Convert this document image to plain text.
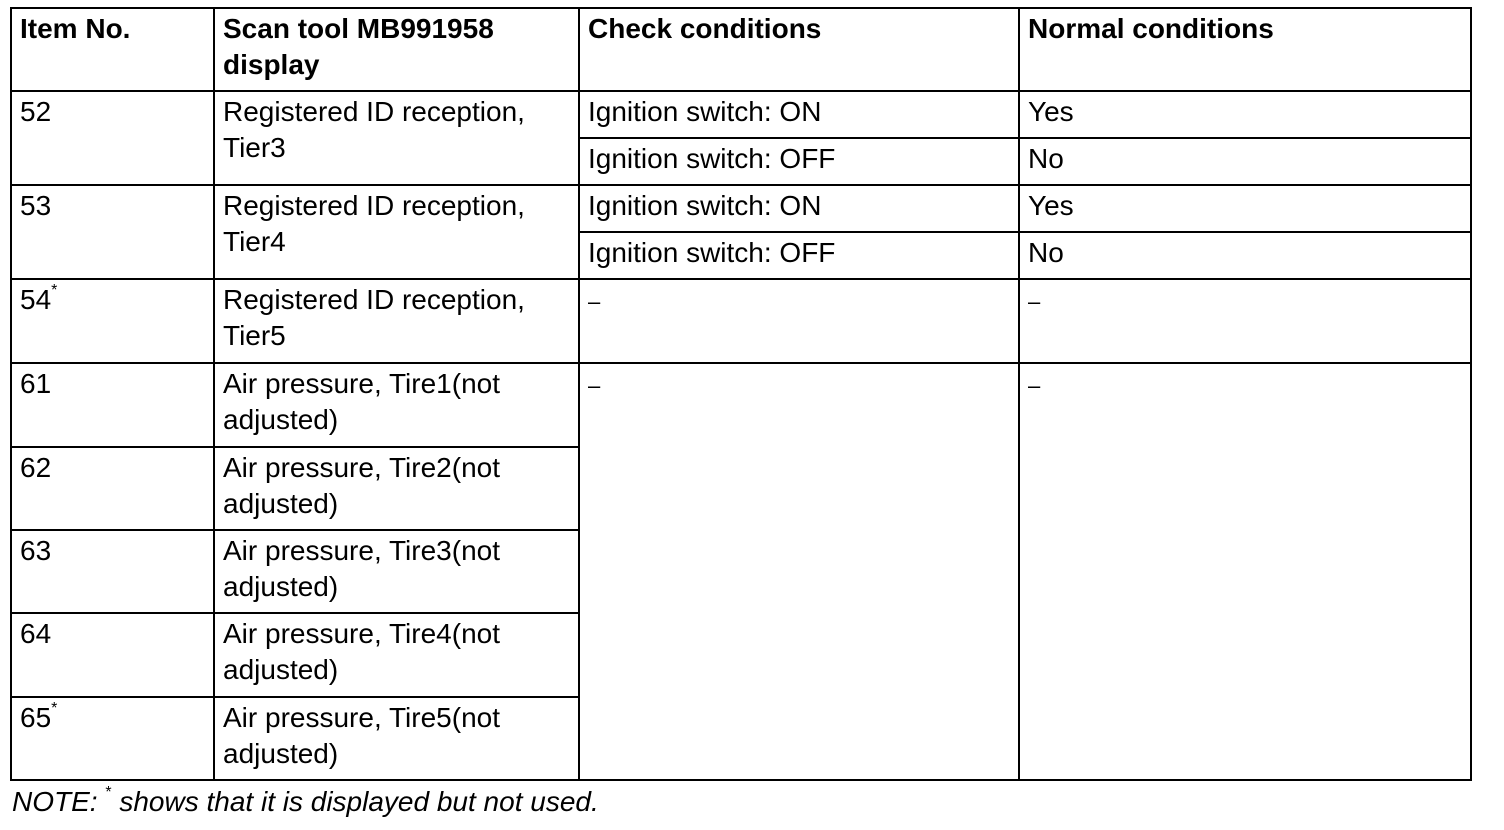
Item No.	Scan tool MB991958 display	Check conditions	Normal conditions
52	Registered ID reception, Tier3	Ignition switch: ON	Yes
		Ignition switch: OFF	No
53	Registered ID reception, Tier4	Ignition switch: ON	Yes
		Ignition switch: OFF	No
54*	Registered ID reception, Tier5	–	–
61	Air pressure, Tire1(not adjusted)	–	–
62	Air pressure, Tire2(not adjusted)		
63	Air pressure, Tire3(not adjusted)		
64	Air pressure, Tire4(not adjusted)		
65*	Air pressure, Tire5(not adjusted)		
NOTE: * shows that it is displayed but not used.
